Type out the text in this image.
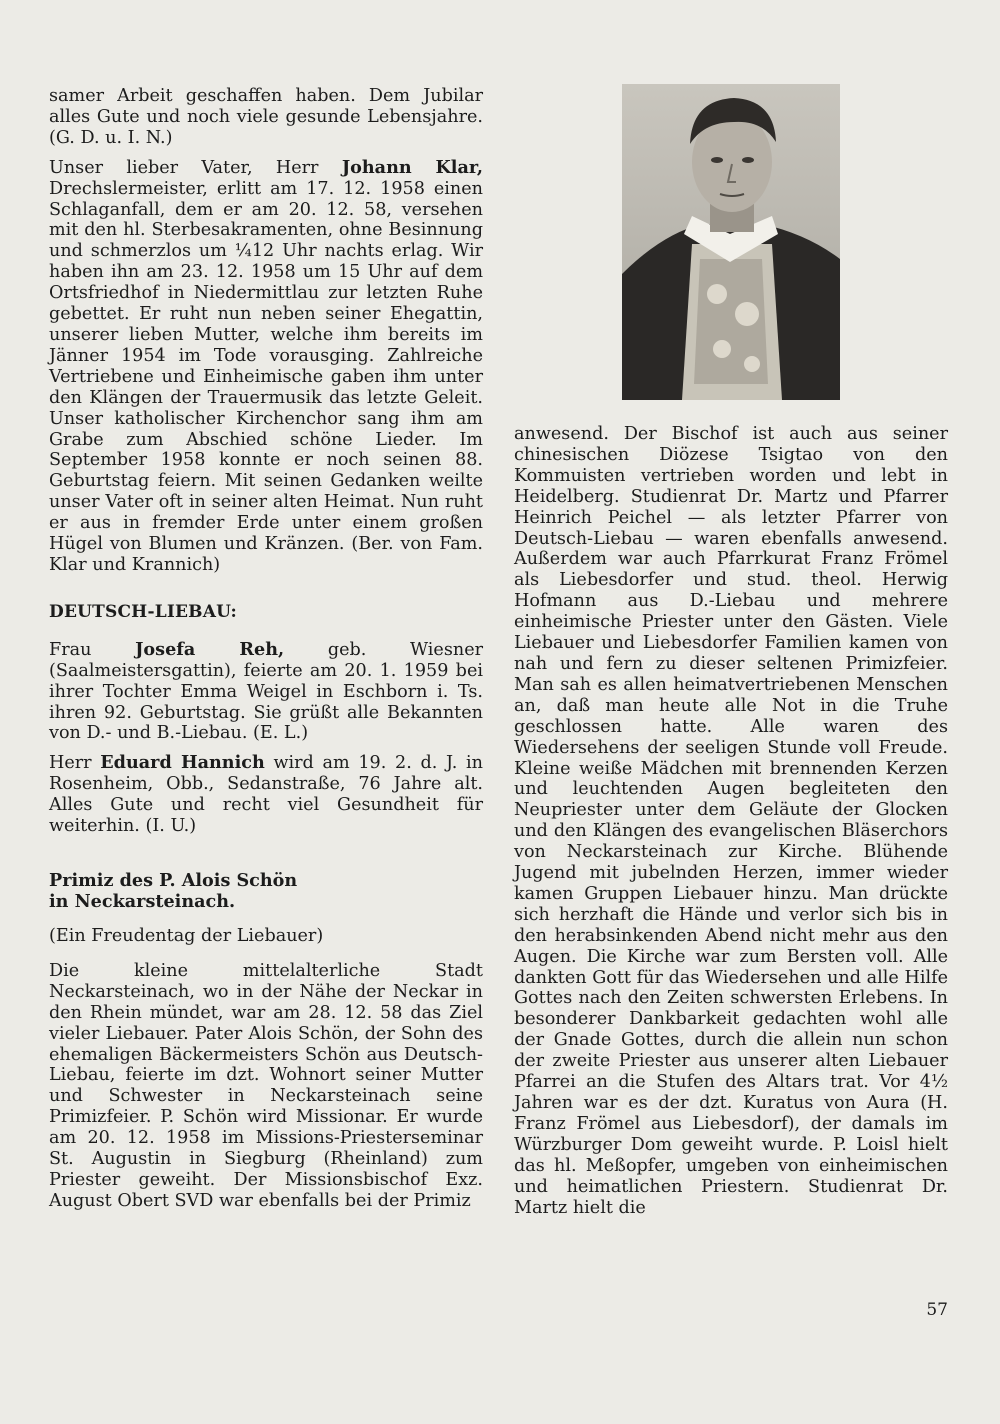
samer Arbeit geschaffen haben. Dem Jubilar alles Gute und noch viele gesunde Lebensjahre. (G. D. u. I. N.)

Unser lieber Vater, Herr Johann Klar, Drechslermeister, erlitt am 17. 12. 1958 einen Schlaganfall, dem er am 20. 12. 58, versehen mit den hl. Sterbesakramenten, ohne Besinnung und schmerzlos um ¼12 Uhr nachts erlag. Wir haben ihn am 23. 12. 1958 um 15 Uhr auf dem Ortsfriedhof in Niedermittlau zur letzten Ruhe gebettet. Er ruht nun neben seiner Ehegattin, unserer lieben Mutter, welche ihm bereits im Jänner 1954 im Tode vorausging. Zahlreiche Vertriebene und Einheimische gaben ihm unter den Klängen der Trauermusik das letzte Geleit. Unser katholischer Kirchenchor sang ihm am Grabe zum Abschied schöne Lieder. Im September 1958 konnte er noch seinen 88. Geburtstag feiern. Mit seinen Gedanken weilte unser Vater oft in seiner alten Heimat. Nun ruht er aus in fremder Erde unter einem großen Hügel von Blumen und Kränzen. (Ber. von Fam. Klar und Krannich)

DEUTSCH-LIEBAU:

Frau Josefa Reh, geb. Wiesner (Saalmeistersgattin), feierte am 20. 1. 1959 bei ihrer Tochter Emma Weigel in Eschborn i. Ts. ihren 92. Geburtstag. Sie grüßt alle Bekannten von D.- und B.-Liebau. (E. L.)

Herr Eduard Hannich wird am 19. 2. d. J. in Rosenheim, Obb., Sedanstraße, 76 Jahre alt. Alles Gute und recht viel Gesundheit für weiterhin. (I. U.)

Primiz des P. Alois Schön
in Neckarsteinach.

(Ein Freudentag der Liebauer)

Die kleine mittelalterliche Stadt Neckarsteinach, wo in der Nähe der Neckar in den Rhein mündet, war am 28. 12. 58 das Ziel vieler Liebauer. Pater Alois Schön, der Sohn des ehemaligen Bäckermeisters Schön aus Deutsch-Liebau, feierte im dzt. Wohnort seiner Mutter und Schwester in Neckarsteinach seine Primizfeier. P. Schön wird Missionar. Er wurde am 20. 12. 1958 im Missions-Priesterseminar St. Augustin in Siegburg (Rheinland) zum Priester geweiht. Der Missionsbischof Exz. August Obert SVD war ebenfalls bei der Primiz

anwesend. Der Bischof ist auch aus seiner chinesischen Diözese Tsigtao von den Kommuisten vertrieben worden und lebt in Heidelberg. Studienrat Dr. Martz und Pfarrer Heinrich Peichel — als letzter Pfarrer von Deutsch-Liebau — waren ebenfalls anwesend. Außerdem war auch Pfarrkurat Franz Frömel als Liebesdorfer und stud. theol. Herwig Hofmann aus D.-Liebau und mehrere einheimische Priester unter den Gästen. Viele Liebauer und Liebesdorfer Familien kamen von nah und fern zu dieser seltenen Primizfeier. Man sah es allen heimatvertriebenen Menschen an, daß man heute alle Not in die Truhe geschlossen hatte. Alle waren des Wiedersehens der seeligen Stunde voll Freude. Kleine weiße Mädchen mit brennenden Kerzen und leuchtenden Augen begleiteten den Neupriester unter dem Geläute der Glocken und den Klängen des evangelischen Bläserchors von Neckarsteinach zur Kirche. Blühende Jugend mit jubelnden Herzen, immer wieder kamen Gruppen Liebauer hinzu. Man drückte sich herzhaft die Hände und verlor sich bis in den herabsinkenden Abend nicht mehr aus den Augen. Die Kirche war zum Bersten voll. Alle dankten Gott für das Wiedersehen und alle Hilfe Gottes nach den Zeiten schwersten Erlebens. In besonderer Dankbarkeit gedachten wohl alle der Gnade Gottes, durch die allein nun schon der zweite Priester aus unserer alten Liebauer Pfarrei an die Stufen des Altars trat. Vor 4½ Jahren war es der dzt. Kuratus von Aura (H. Franz Frömel aus Liebesdorf), der damals im Würzburger Dom geweiht wurde. P. Loisl hielt das hl. Meßopfer, umgeben von einheimischen und heimatlichen Priestern. Studienrat Dr. Martz hielt die

57
